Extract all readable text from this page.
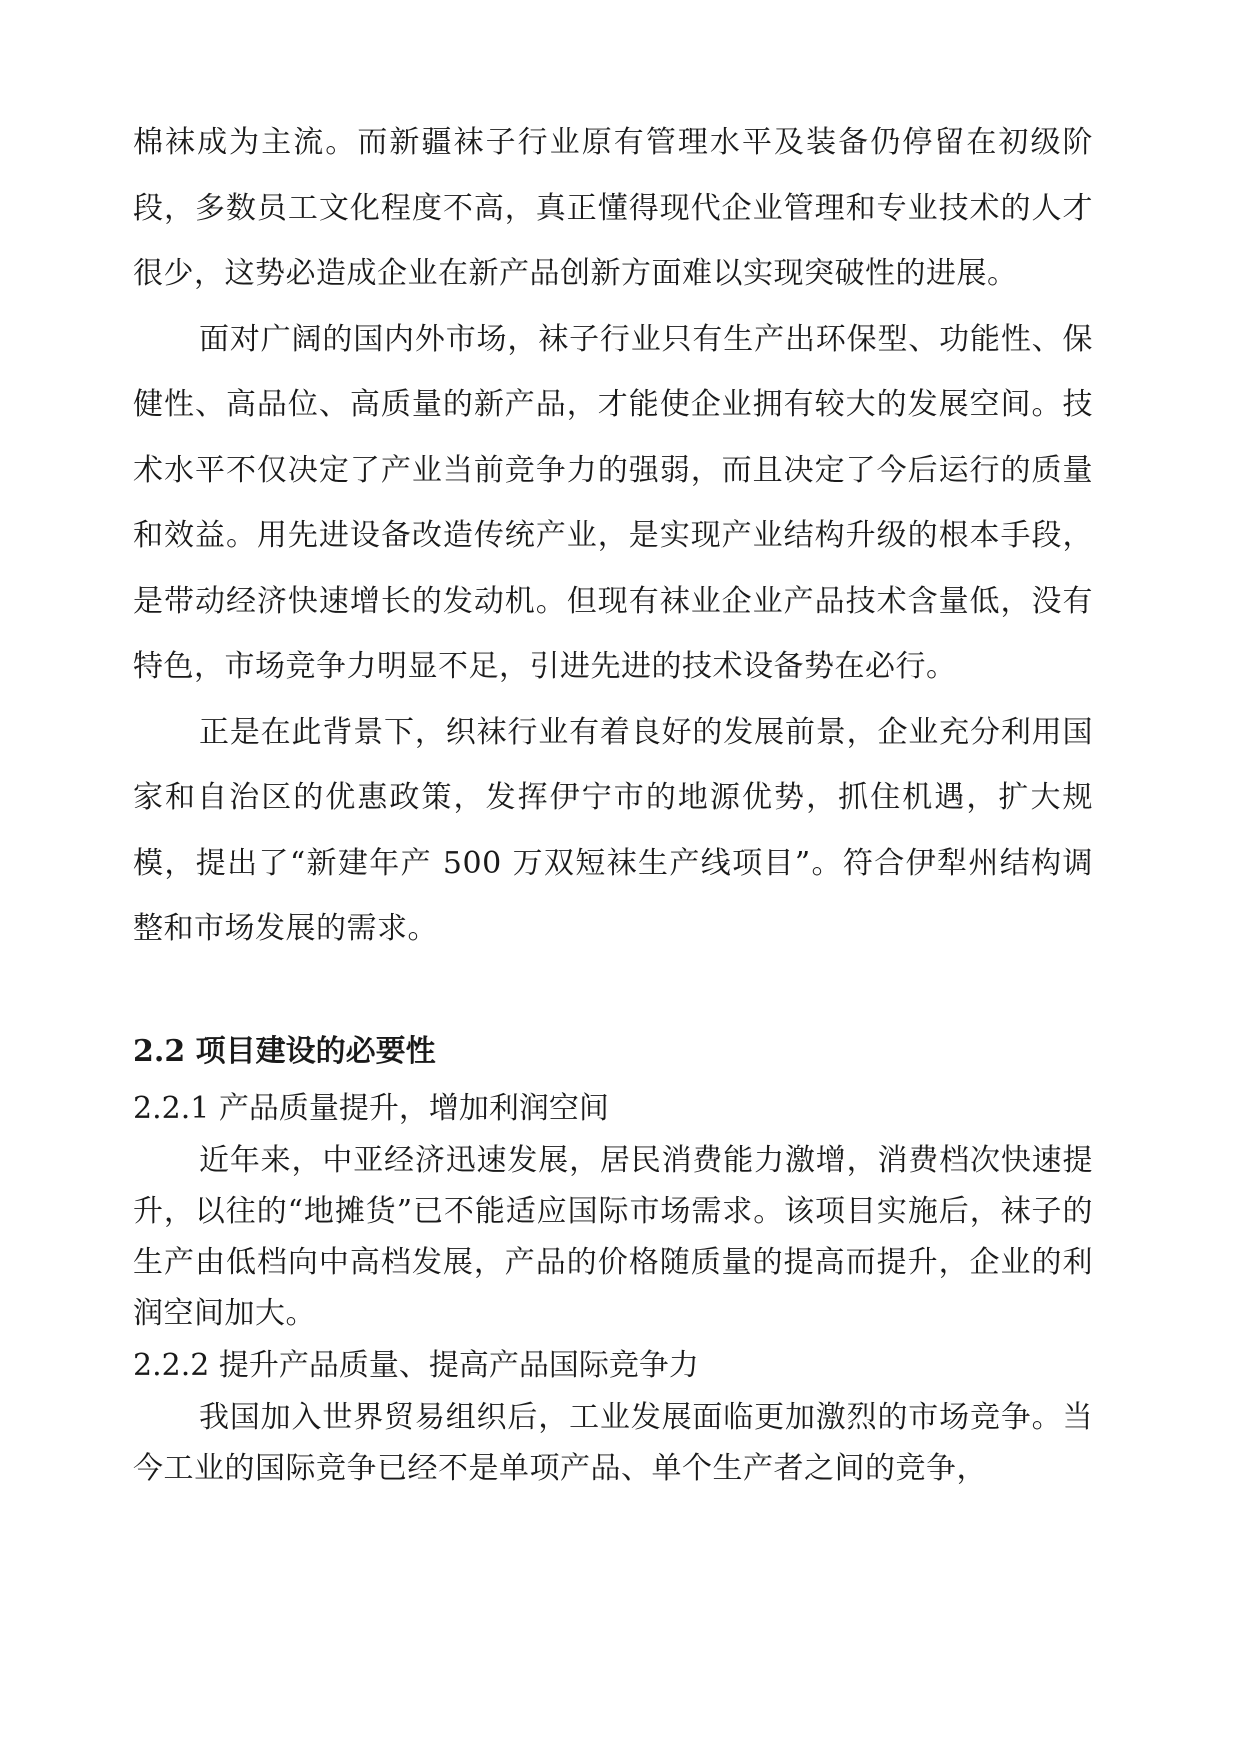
棉袜成为主流。而新疆袜子行业原有管理水平及装备仍停留在初级阶段，多数员工文化程度不高，真正懂得现代企业管理和专业技术的人才很少，这势必造成企业在新产品创新方面难以实现突破性的进展。

面对广阔的国内外市场，袜子行业只有生产出环保型、功能性、保健性、高品位、高质量的新产品，才能使企业拥有较大的发展空间。技术水平不仅决定了产业当前竞争力的强弱，而且决定了今后运行的质量和效益。用先进设备改造传统产业，是实现产业结构升级的根本手段，是带动经济快速增长的发动机。但现有袜业企业产品技术含量低，没有特色，市场竞争力明显不足，引进先进的技术设备势在必行。

正是在此背景下，织袜行业有着良好的发展前景，企业充分利用国家和自治区的优惠政策，发挥伊宁市的地源优势，抓住机遇，扩大规模，提出了“新建年产 500 万双短袜生产线项目”。符合伊犁州结构调整和市场发展的需求。

2.2 项目建设的必要性
2.2.1 产品质量提升，增加利润空间

近年来，中亚经济迅速发展，居民消费能力激增，消费档次快速提升，以往的“地摊货”已不能适应国际市场需求。该项目实施后，袜子的生产由低档向中高档发展，产品的价格随质量的提高而提升，企业的利润空间加大。

2.2.2 提升产品质量、提高产品国际竞争力

我国加入世界贸易组织后，工业发展面临更加激烈的市场竞争。当今工业的国际竞争已经不是单项产品、单个生产者之间的竞争，
